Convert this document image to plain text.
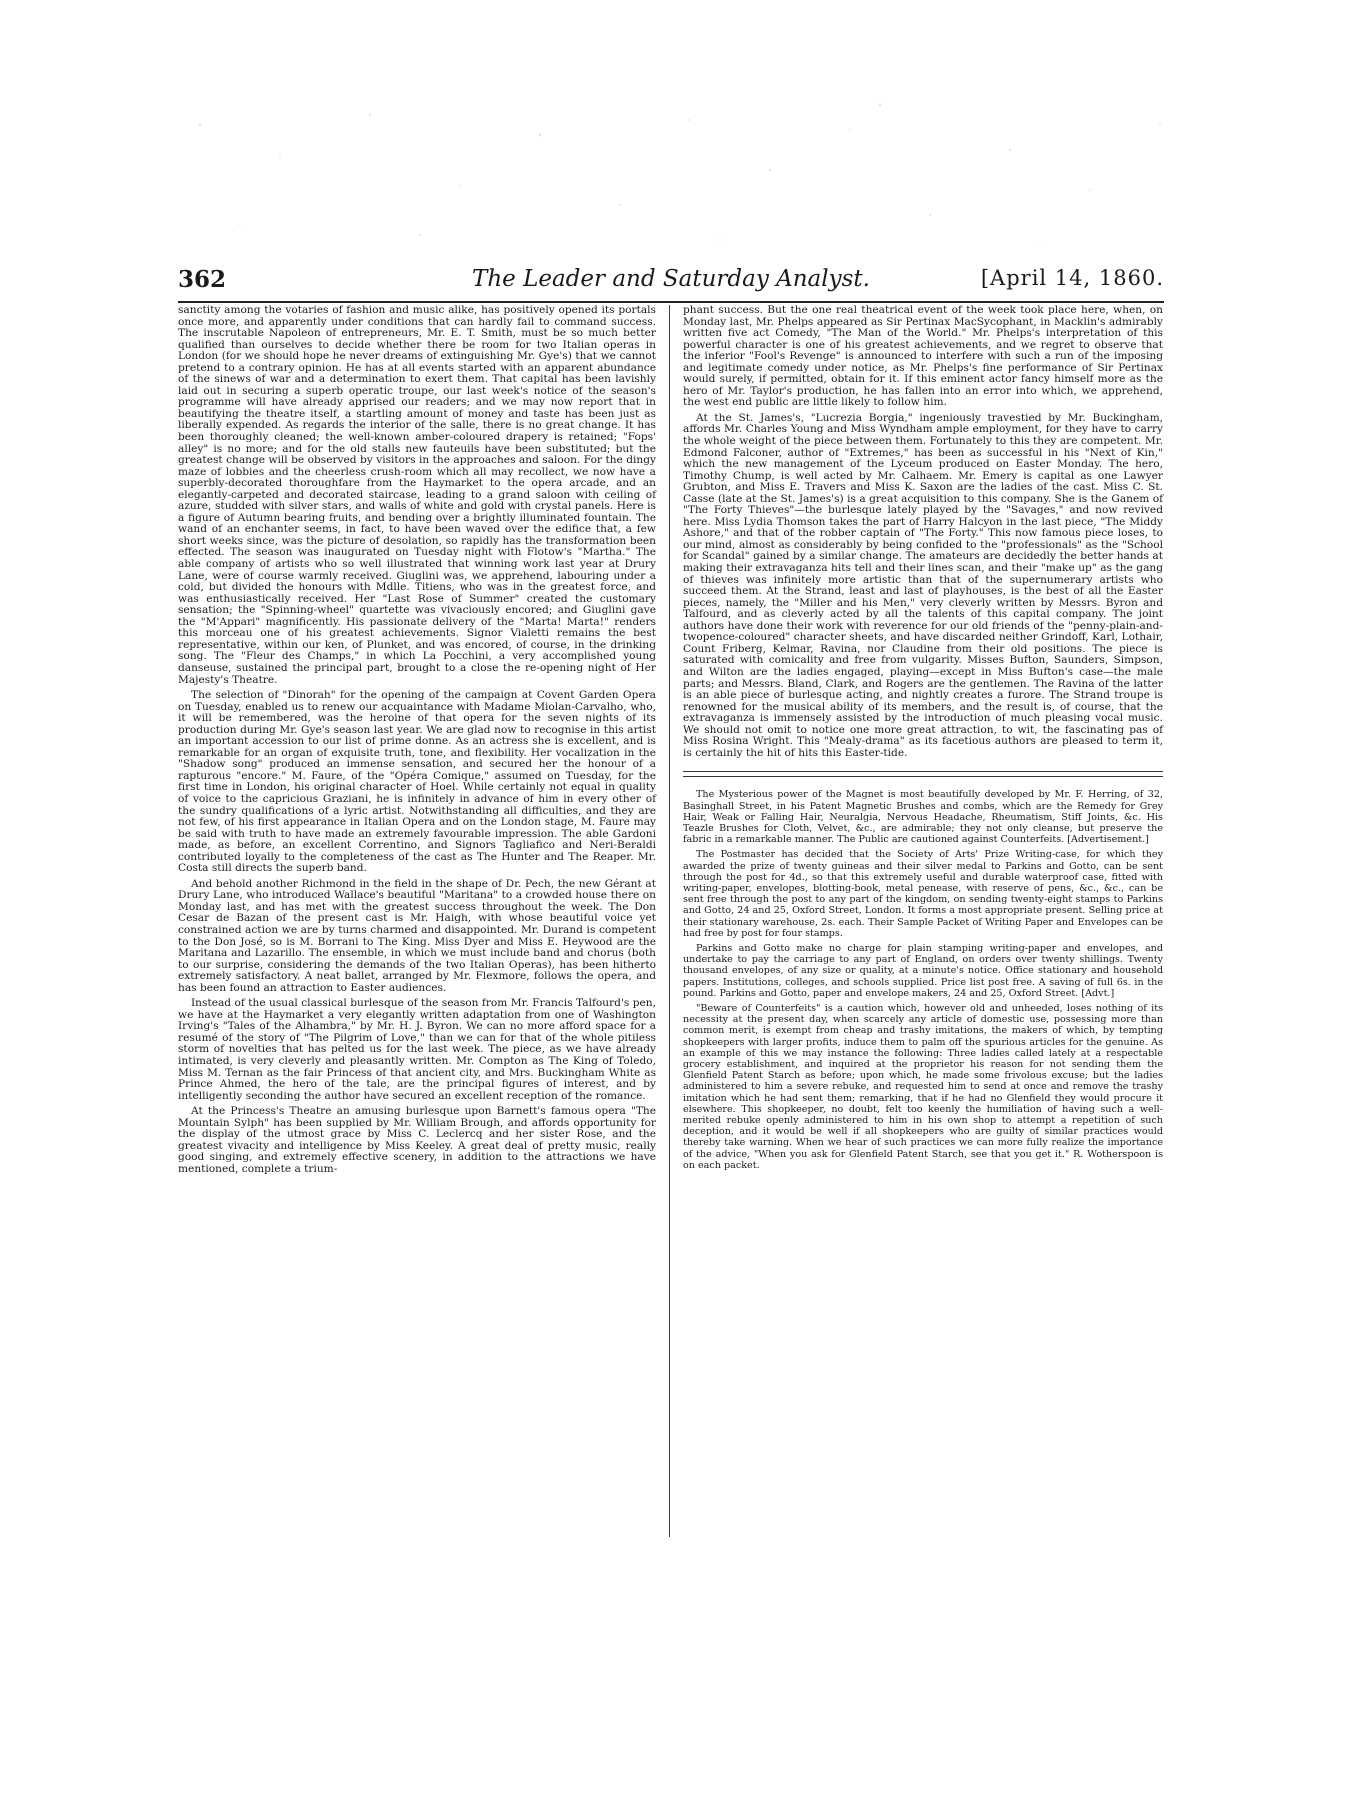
362	The Leader and Saturday Analyst.	[April 14, 1860.

sanctity among the votaries of fashion and music alike, has positively opened its portals once more, and apparently under conditions that can hardly fail to command success. The inscrutable Napoleon of entrepreneurs, Mr. E. T. Smith, must be so much better qualified than ourselves to decide whether there be room for two Italian operas in London (for we should hope he never dreams of extinguishing Mr. Gye's) that we cannot pretend to a contrary opinion. He has at all events started with an apparent abundance of the sinews of war and a determination to exert them. That capital has been lavishly laid out in securing a superb operatic troupe, our last week's notice of the season's programme will have already apprised our readers; and we may now report that in beautifying the theatre itself, a startling amount of money and taste has been just as liberally expended. As regards the interior of the salle, there is no great change. It has been thoroughly cleaned; the well-known amber-coloured drapery is retained; "Fops' alley" is no more; and for the old stalls new fauteuils have been substituted; but the greatest change will be observed by visitors in the approaches and saloon. For the dingy maze of lobbies and the cheerless crush-room which all may recollect, we now have a superbly-decorated thoroughfare from the Haymarket to the opera arcade, and an elegantly-carpeted and decorated staircase, leading to a grand saloon with ceiling of azure, studded with silver stars, and walls of white and gold with crystal panels. Here is a figure of Autumn bearing fruits, and bending over a brightly illuminated fountain. The wand of an enchanter seems, in fact, to have been waved over the edifice that, a few short weeks since, was the picture of desolation, so rapidly has the transformation been effected. The season was inaugurated on Tuesday night with Flotow's "Martha." The able company of artists who so well illustrated that winning work last year at Drury Lane, were of course warmly received. Giuglini was, we apprehend, labouring under a cold, but divided the honours with Mdlle. Titiens, who was in the greatest force, and was enthusiastically received. Her "Last Rose of Summer" created the customary sensation; the "Spinning-wheel" quartette was vivaciously encored; and Giuglini gave the "M'Appari" magnificently. His passionate delivery of the "Marta! Marta!" renders this morceau one of his greatest achievements. Signor Vialetti remains the best representative, within our ken, of Plunket, and was encored, of course, in the drinking song. The "Fleur des Champs," in which La Pocchini, a very accomplished young danseuse, sustained the principal part, brought to a close the re-opening night of Her Majesty's Theatre.

The selection of "Dinorah" for the opening of the campaign at Covent Garden Opera on Tuesday, enabled us to renew our acquaintance with Madame Miolan-Carvalho, who, it will be remembered, was the heroine of that opera for the seven nights of its production during Mr. Gye's season last year. We are glad now to recognise in this artist an important accession to our list of prime donne. As an actress she is excellent, and is remarkable for an organ of exquisite truth, tone, and flexibility. Her vocalization in the "Shadow song" produced an immense sensation, and secured her the honour of a rapturous "encore." M. Faure, of the "Opéra Comique," assumed on Tuesday, for the first time in London, his original character of Hoel. While certainly not equal in quality of voice to the capricious Graziani, he is infinitely in advance of him in every other of the sundry qualifications of a lyric artist. Notwithstanding all difficulties, and they are not few, of his first appearance in Italian Opera and on the London stage, M. Faure may be said with truth to have made an extremely favourable impression. The able Gardoni made, as before, an excellent Correntino, and Signors Tagliafico and Neri-Beraldi contributed loyally to the completeness of the cast as The Hunter and The Reaper. Mr. Costa still directs the superb band.

And behold another Richmond in the field in the shape of Dr. Pech, the new Gérant at Drury Lane, who introduced Wallace's beautiful "Maritana" to a crowded house there on Monday last, and has met with the greatest success throughout the week. The Don Cesar de Bazan of the present cast is Mr. Haigh, with whose beautiful voice yet constrained action we are by turns charmed and disappointed. Mr. Durand is competent to the Don José, so is M. Borrani to The King. Miss Dyer and Miss E. Heywood are the Maritana and Lazarillo. The ensemble, in which we must include band and chorus (both to our surprise, considering the demands of the two Italian Operas), has been hitherto extremely satisfactory. A neat ballet, arranged by Mr. Flexmore, follows the opera, and has been found an attraction to Easter audiences.

Instead of the usual classical burlesque of the season from Mr. Francis Talfourd's pen, we have at the Haymarket a very elegantly written adaptation from one of Washington Irving's "Tales of the Alhambra," by Mr. H. J. Byron. We can no more afford space for a resumé of the story of "The Pilgrim of Love," than we can for that of the whole pitiless storm of novelties that has pelted us for the last week. The piece, as we have already intimated, is very cleverly and pleasantly written. Mr. Compton as The King of Toledo, Miss M. Ternan as the fair Princess of that ancient city, and Mrs. Buckingham White as Prince Ahmed, the hero of the tale, are the principal figures of interest, and by intelligently seconding the author have secured an excellent reception of the romance.

At the Princess's Theatre an amusing burlesque upon Barnett's famous opera "The Mountain Sylph" has been supplied by Mr. William Brough, and affords opportunity for the display of the utmost grace by Miss C. Leclercq and her sister Rose, and the greatest vivacity and intelligence by Miss Keeley. A great deal of pretty music, really good singing, and extremely effective scenery, in addition to the attractions we have mentioned, complete a trium-

phant success. But the one real theatrical event of the week took place here, when, on Monday last, Mr. Phelps appeared as Sir Pertinax MacSycophant, in Macklin's admirably written five act Comedy, "The Man of the World." Mr. Phelps's interpretation of this powerful character is one of his greatest achievements, and we regret to observe that the inferior "Fool's Revenge" is announced to interfere with such a run of the imposing and legitimate comedy under notice, as Mr. Phelps's fine performance of Sir Pertinax would surely, if permitted, obtain for it. If this eminent actor fancy himself more as the hero of Mr. Taylor's production, he has fallen into an error into which, we apprehend, the west end public are little likely to follow him.

At the St. James's, "Lucrezia Borgia," ingeniously travestied by Mr. Buckingham, affords Mr. Charles Young and Miss Wyndham ample employment, for they have to carry the whole weight of the piece between them. Fortunately to this they are competent. Mr. Edmond Falconer, author of "Extremes," has been as successful in his "Next of Kin," which the new management of the Lyceum produced on Easter Monday. The hero, Timothy Chump, is well acted by Mr. Calhaem. Mr. Emery is capital as one Lawyer Grubton, and Miss E. Travers and Miss K. Saxon are the ladies of the cast. Miss C. St. Casse (late at the St. James's) is a great acquisition to this company. She is the Ganem of "The Forty Thieves"—the burlesque lately played by the "Savages," and now revived here. Miss Lydia Thomson takes the part of Harry Halcyon in the last piece, "The Middy Ashore," and that of the robber captain of "The Forty." This now famous piece loses, to our mind, almost as considerably by being confided to the "professionals" as the "School for Scandal" gained by a similar change. The amateurs are decidedly the better hands at making their extravaganza hits tell and their lines scan, and their "make up" as the gang of thieves was infinitely more artistic than that of the supernumerary artists who succeed them. At the Strand, least and last of playhouses, is the best of all the Easter pieces, namely, the "Miller and his Men," very cleverly written by Messrs. Byron and Talfourd, and as cleverly acted by all the talents of this capital company. The joint authors have done their work with reverence for our old friends of the "penny-plain-and-twopence-coloured" character sheets, and have discarded neither Grindoff, Karl, Lothair, Count Friberg, Kelmar, Ravina, nor Claudine from their old positions. The piece is saturated with comicality and free from vulgarity. Misses Bufton, Saunders, Simpson, and Wilton are the ladies engaged, playing—except in Miss Bufton's case—the male parts; and Messrs. Bland, Clark, and Rogers are the gentlemen. The Ravina of the latter is an able piece of burlesque acting, and nightly creates a furore. The Strand troupe is renowned for the musical ability of its members, and the result is, of course, that the extravaganza is immensely assisted by the introduction of much pleasing vocal music. We should not omit to notice one more great attraction, to wit, the fascinating pas of Miss Rosina Wright. This "Mealy-drama" as its facetious authors are pleased to term it, is certainly the hit of hits this Easter-tide.

The Mysterious power of the Magnet is most beautifully developed by Mr. F. Herring, of 32, Basinghall Street, in his Patent Magnetic Brushes and combs, which are the Remedy for Grey Hair, Weak or Falling Hair, Neuralgia, Nervous Headache, Rheumatism, Stiff Joints, &c. His Teazle Brushes for Cloth, Velvet, &c., are admirable; they not only cleanse, but preserve the fabric in a remarkable manner. The Public are cautioned against Counterfeits. [Advertisement.]

The Postmaster has decided that the Society of Arts' Prize Writing-case, for which they awarded the prize of twenty guineas and their silver medal to Parkins and Gotto, can be sent through the post for 4d., so that this extremely useful and durable waterproof case, fitted with writing-paper, envelopes, blotting-book, metal penease, with reserve of pens, &c., &c., can be sent free through the post to any part of the kingdom, on sending twenty-eight stamps to Parkins and Gotto, 24 and 25, Oxford Street, London. It forms a most appropriate present. Selling price at their stationary warehouse, 2s. each. Their Sample Packet of Writing Paper and Envelopes can be had free by post for four stamps.

Parkins and Gotto make no charge for plain stamping writing-paper and envelopes, and undertake to pay the carriage to any part of England, on orders over twenty shillings. Twenty thousand envelopes, of any size or quality, at a minute's notice. Office stationary and household papers. Institutions, colleges, and schools supplied. Price list post free. A saving of full 6s. in the pound. Parkins and Gotto, paper and envelope makers, 24 and 25, Oxford Street. [Advt.]

"Beware of Counterfeits" is a caution which, however old and unheeded, loses nothing of its necessity at the present day, when scarcely any article of domestic use, possessing more than common merit, is exempt from cheap and trashy imitations, the makers of which, by tempting shopkeepers with larger profits, induce them to palm off the spurious articles for the genuine. As an example of this we may instance the following: Three ladies called lately at a respectable grocery establishment, and inquired at the proprietor his reason for not sending them the Glenfield Patent Starch as before; upon which, he made some frivolous excuse; but the ladies administered to him a severe rebuke, and requested him to send at once and remove the trashy imitation which he had sent them; remarking, that if he had no Glenfield they would procure it elsewhere. This shopkeeper, no doubt, felt too keenly the humiliation of having such a well-merited rebuke openly administered to him in his own shop to attempt a repetition of such deception, and it would be well if all shopkeepers who are guilty of similar practices would thereby take warning. When we hear of such practices we can more fully realize the importance of the advice, "When you ask for Glenfield Patent Starch, see that you get it." R. Wotherspoon is on each packet.
